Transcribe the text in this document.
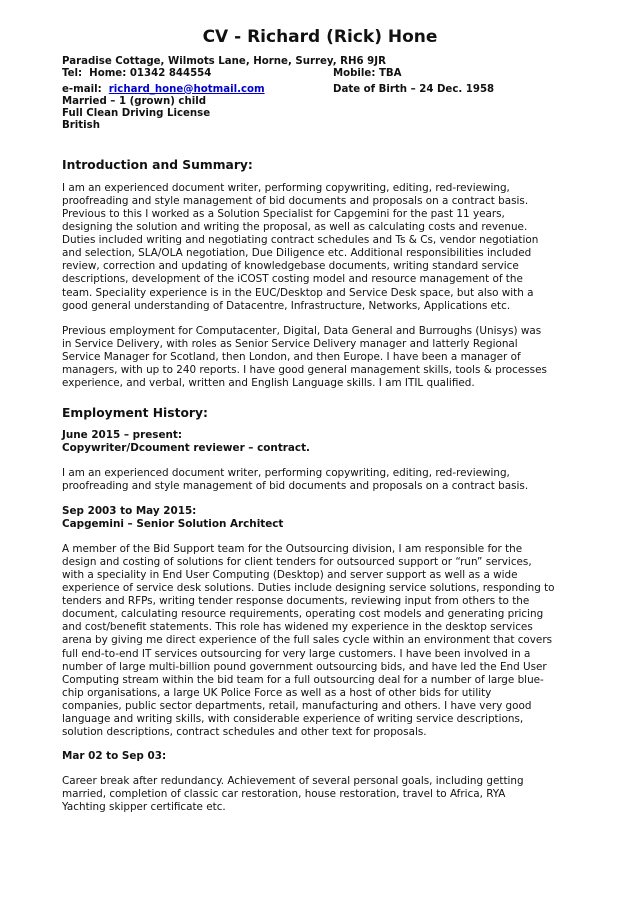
CV - Richard (Rick) Hone
Paradise Cottage, Wilmots Lane, Horne, Surrey, RH6 9JR
Tel: Home: 01342 844554	Mobile: TBA
e-mail: richard_hone@hotmail.com	Date of Birth – 24 Dec. 1958
Married – 1 (grown) child
Full Clean Driving License
British
Introduction and Summary:

I am an experienced document writer, performing copywriting, editing, red-reviewing,
proofreading and style management of bid documents and proposals on a contract basis.
Previous to this I worked as a Solution Specialist for Capgemini for the past 11 years,
designing the solution and writing the proposal, as well as calculating costs and revenue.
Duties included writing and negotiating contract schedules and Ts & Cs, vendor negotiation
and selection, SLA/OLA negotiation, Due Diligence etc. Additional responsibilities included
review, correction and updating of knowledgebase documents, writing standard service
descriptions, development of the iCOST costing model and resource management of the
team. Speciality experience is in the EUC/Desktop and Service Desk space, but also with a
good general understanding of Datacentre, Infrastructure, Networks, Applications etc.

Previous employment for Computacenter, Digital, Data General and Burroughs (Unisys) was
in Service Delivery, with roles as Senior Service Delivery manager and latterly Regional
Service Manager for Scotland, then London, and then Europe. I have been a manager of
managers, with up to 240 reports. I have good general management skills, tools & processes
experience, and verbal, written and English Language skills. I am ITIL qualified.

Employment History:
June 2015 – present:
Copywriter/Dcoument reviewer – contract.

I am an experienced document writer, performing copywriting, editing, red-reviewing,
proofreading and style management of bid documents and proposals on a contract basis.

Sep 2003 to May 2015:
Capgemini – Senior Solution Architect

A member of the Bid Support team for the Outsourcing division, I am responsible for the
design and costing of solutions for client tenders for outsourced support or “run” services,
with a speciality in End User Computing (Desktop) and server support as well as a wide
experience of service desk solutions. Duties include designing service solutions, responding to
tenders and RFPs, writing tender response documents, reviewing input from others to the
document, calculating resource requirements, operating cost models and generating pricing
and cost/benefit statements. This role has widened my experience in the desktop services
arena by giving me direct experience of the full sales cycle within an environment that covers
full end-to-end IT services outsourcing for very large customers. I have been involved in a
number of large multi-billion pound government outsourcing bids, and have led the End User
Computing stream within the bid team for a full outsourcing deal for a number of large blue-
chip organisations, a large UK Police Force as well as a host of other bids for utility
companies, public sector departments, retail, manufacturing and others. I have very good
language and writing skills, with considerable experience of writing service descriptions,
solution descriptions, contract schedules and other text for proposals.

Mar 02 to Sep 03:

Career break after redundancy. Achievement of several personal goals, including getting
married, completion of classic car restoration, house restoration, travel to Africa, RYA
Yachting skipper certificate etc.
